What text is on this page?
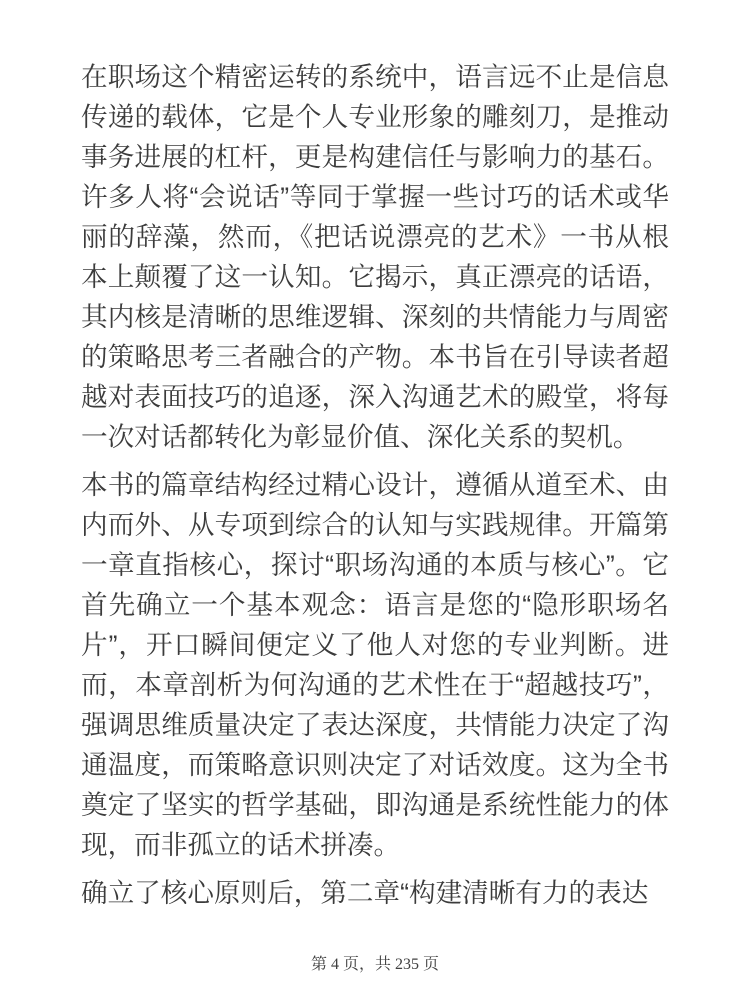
在职场这个精密运转的系统中，语言远不止是信息传递的载体，它是个人专业形象的雕刻刀，是推动事务进展的杠杆，更是构建信任与影响力的基石。许多人将“会说话”等同于掌握一些讨巧的话术或华丽的辞藻，然而，《把话说漂亮的艺术》一书从根本上颠覆了这一认知。它揭示，真正漂亮的话语，其内核是清晰的思维逻辑、深刻的共情能力与周密的策略思考三者融合的产物。本书旨在引导读者超越对表面技巧的追逐，深入沟通艺术的殿堂，将每一次对话都转化为彰显价值、深化关系的契机。

本书的篇章结构经过精心设计，遵循从道至术、由内而外、从专项到综合的认知与实践规律。开篇第一章直指核心，探讨“职场沟通的本质与核心”。它首先确立一个基本观念：语言是您的“隐形职场名片”，开口瞬间便定义了他人对您的专业判断。进而，本章剖析为何沟通的艺术性在于“超越技巧”，强调思维质量决定了表达深度，共情能力决定了沟通温度，而策略意识则决定了对话效度。这为全书奠定了坚实的哲学基础，即沟通是系统性能力的体现，而非孤立的话术拼凑。

确立了核心原则后，第二章“构建清晰有力的表达

第 4 页，共 235 页
